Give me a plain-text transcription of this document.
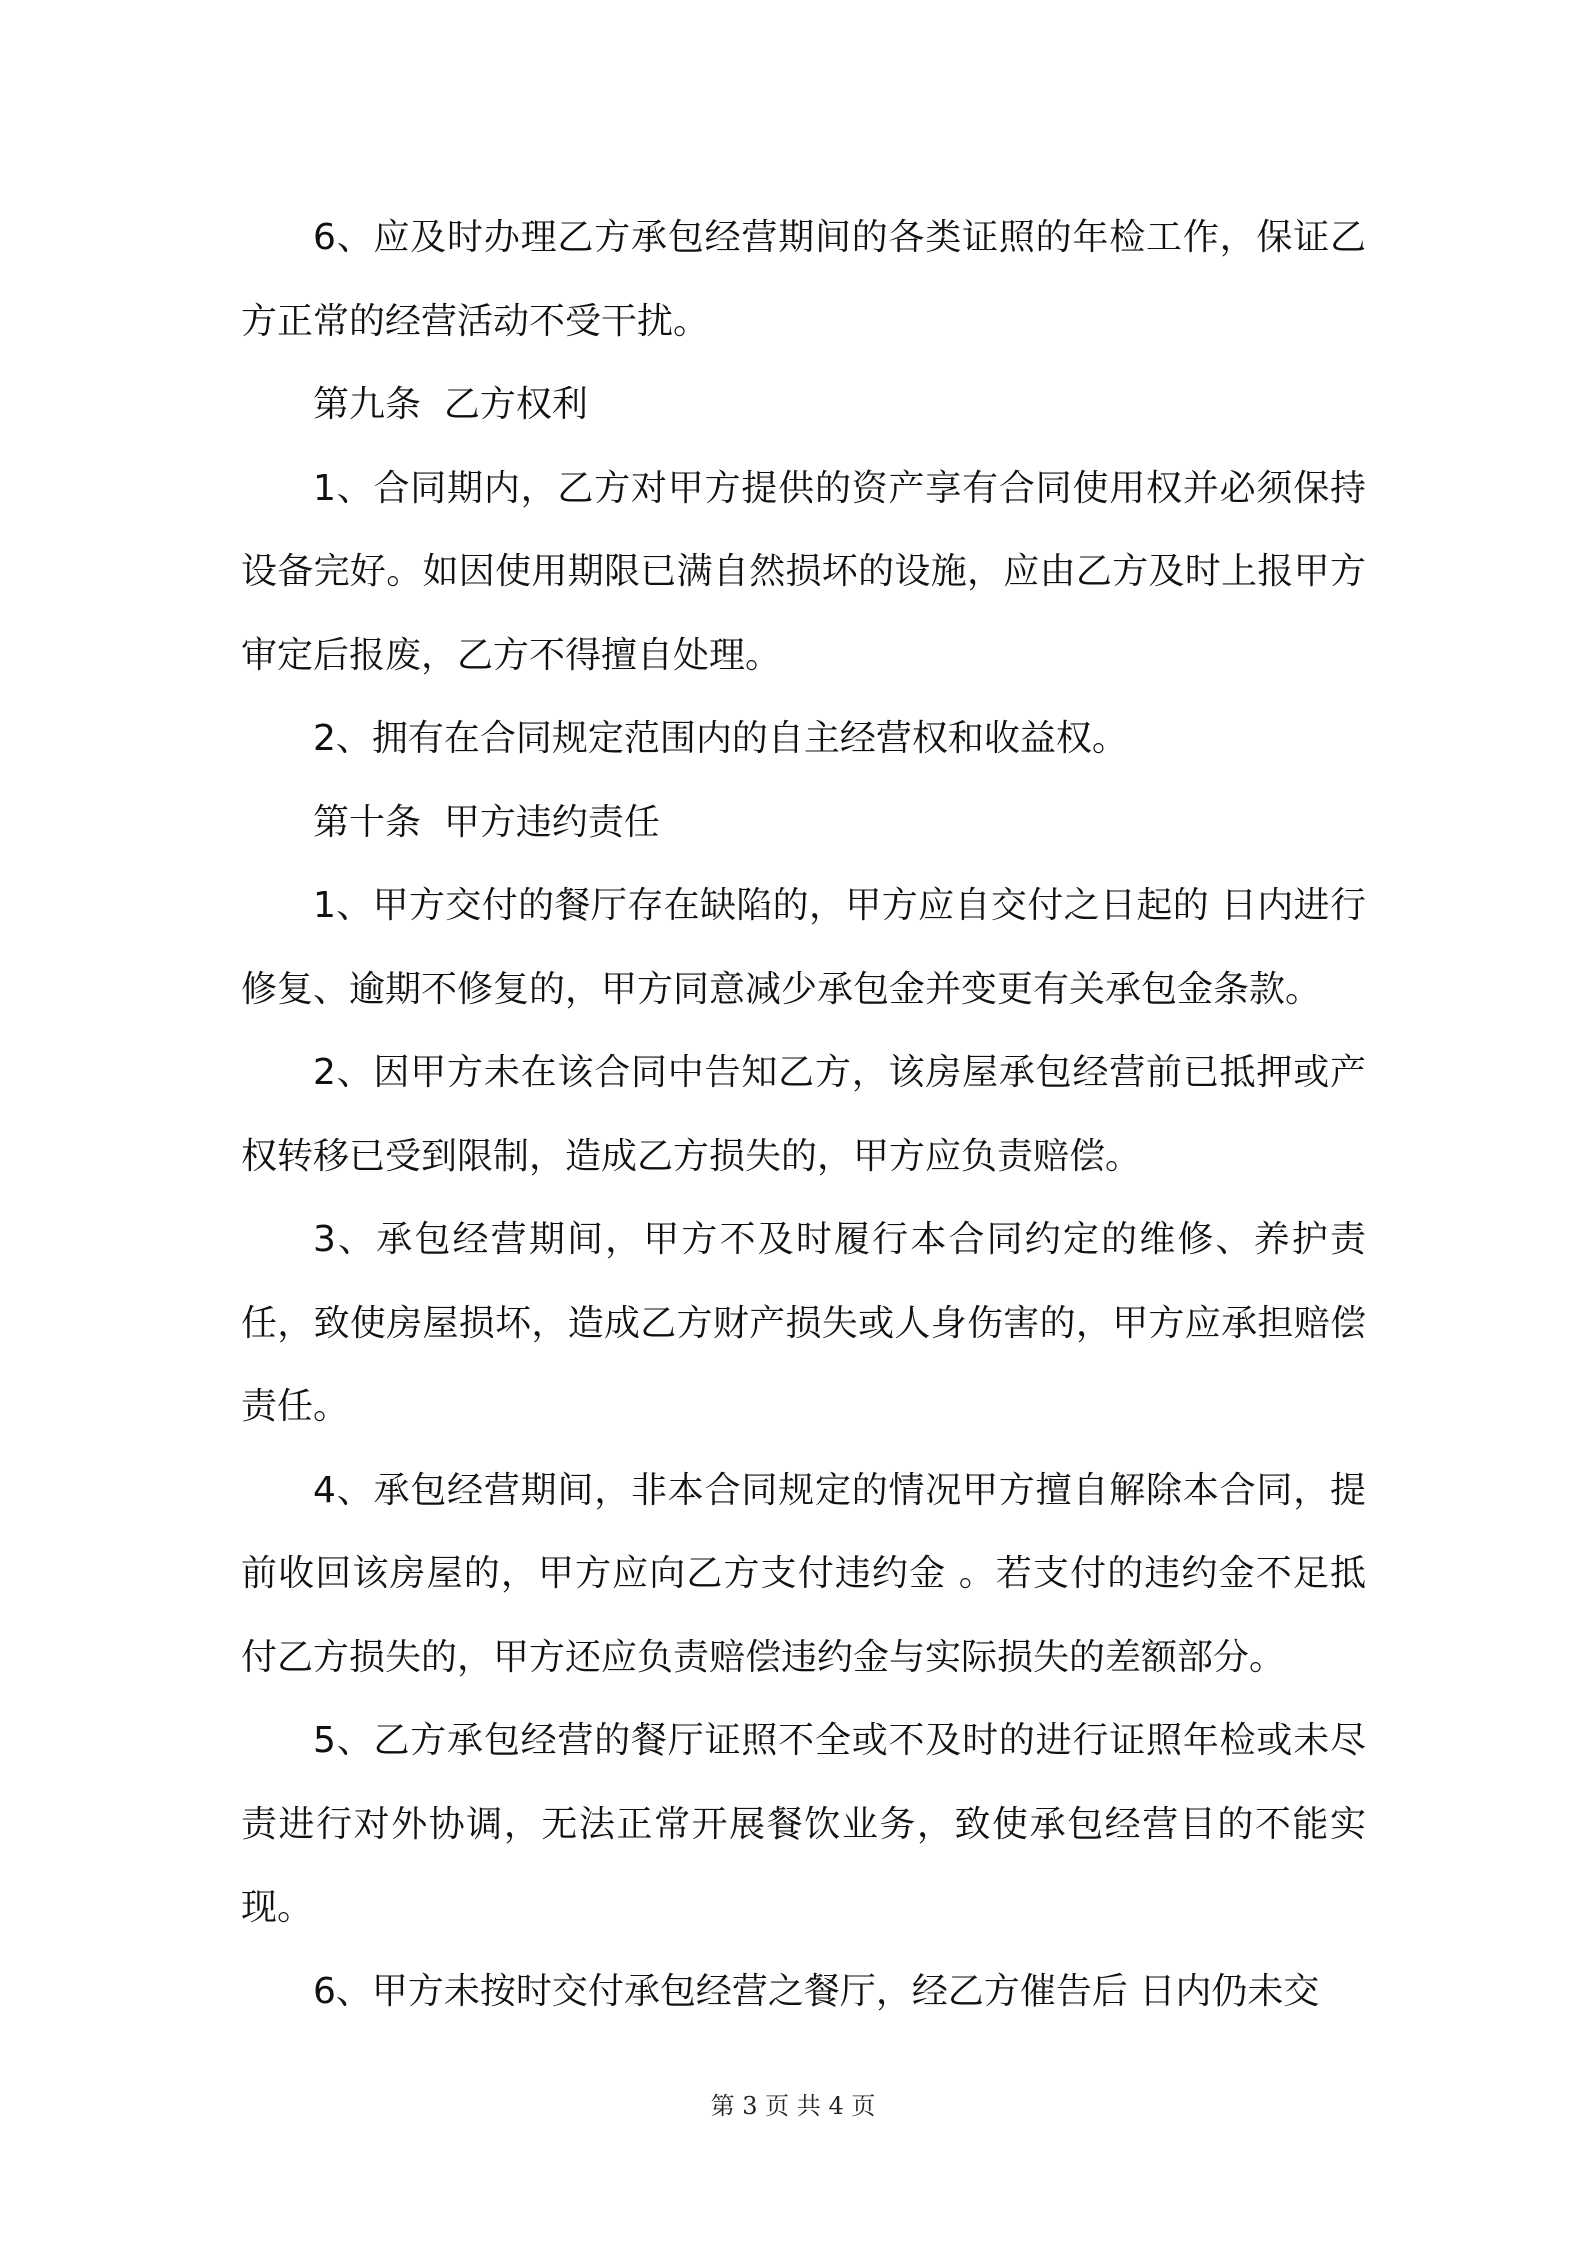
6、应及时办理乙方承包经营期间的各类证照的年检工作，保证乙方正常的经营活动不受干扰。

第九条  乙方权利

1、合同期内，乙方对甲方提供的资产享有合同使用权并必须保持设备完好。如因使用期限已满自然损坏的设施，应由乙方及时上报甲方审定后报废，乙方不得擅自处理。

2、拥有在合同规定范围内的自主经营权和收益权。

第十条  甲方违约责任

1、甲方交付的餐厅存在缺陷的，甲方应自交付之日起的 日内进行修复、逾期不修复的，甲方同意减少承包金并变更有关承包金条款。

2、因甲方未在该合同中告知乙方，该房屋承包经营前已抵押或产权转移已受到限制，造成乙方损失的，甲方应负责赔偿。

3、承包经营期间，甲方不及时履行本合同约定的维修、养护责任，致使房屋损坏，造成乙方财产损失或人身伤害的，甲方应承担赔偿责任。

4、承包经营期间，非本合同规定的情况甲方擅自解除本合同，提前收回该房屋的，甲方应向乙方支付违约金 。若支付的违约金不足抵付乙方损失的，甲方还应负责赔偿违约金与实际损失的差额部分。

5、乙方承包经营的餐厅证照不全或不及时的进行证照年检或未尽责进行对外协调，无法正常开展餐饮业务，致使承包经营目的不能实现。

6、甲方未按时交付承包经营之餐厅，经乙方催告后 日内仍未交

第 3 页 共 4 页
